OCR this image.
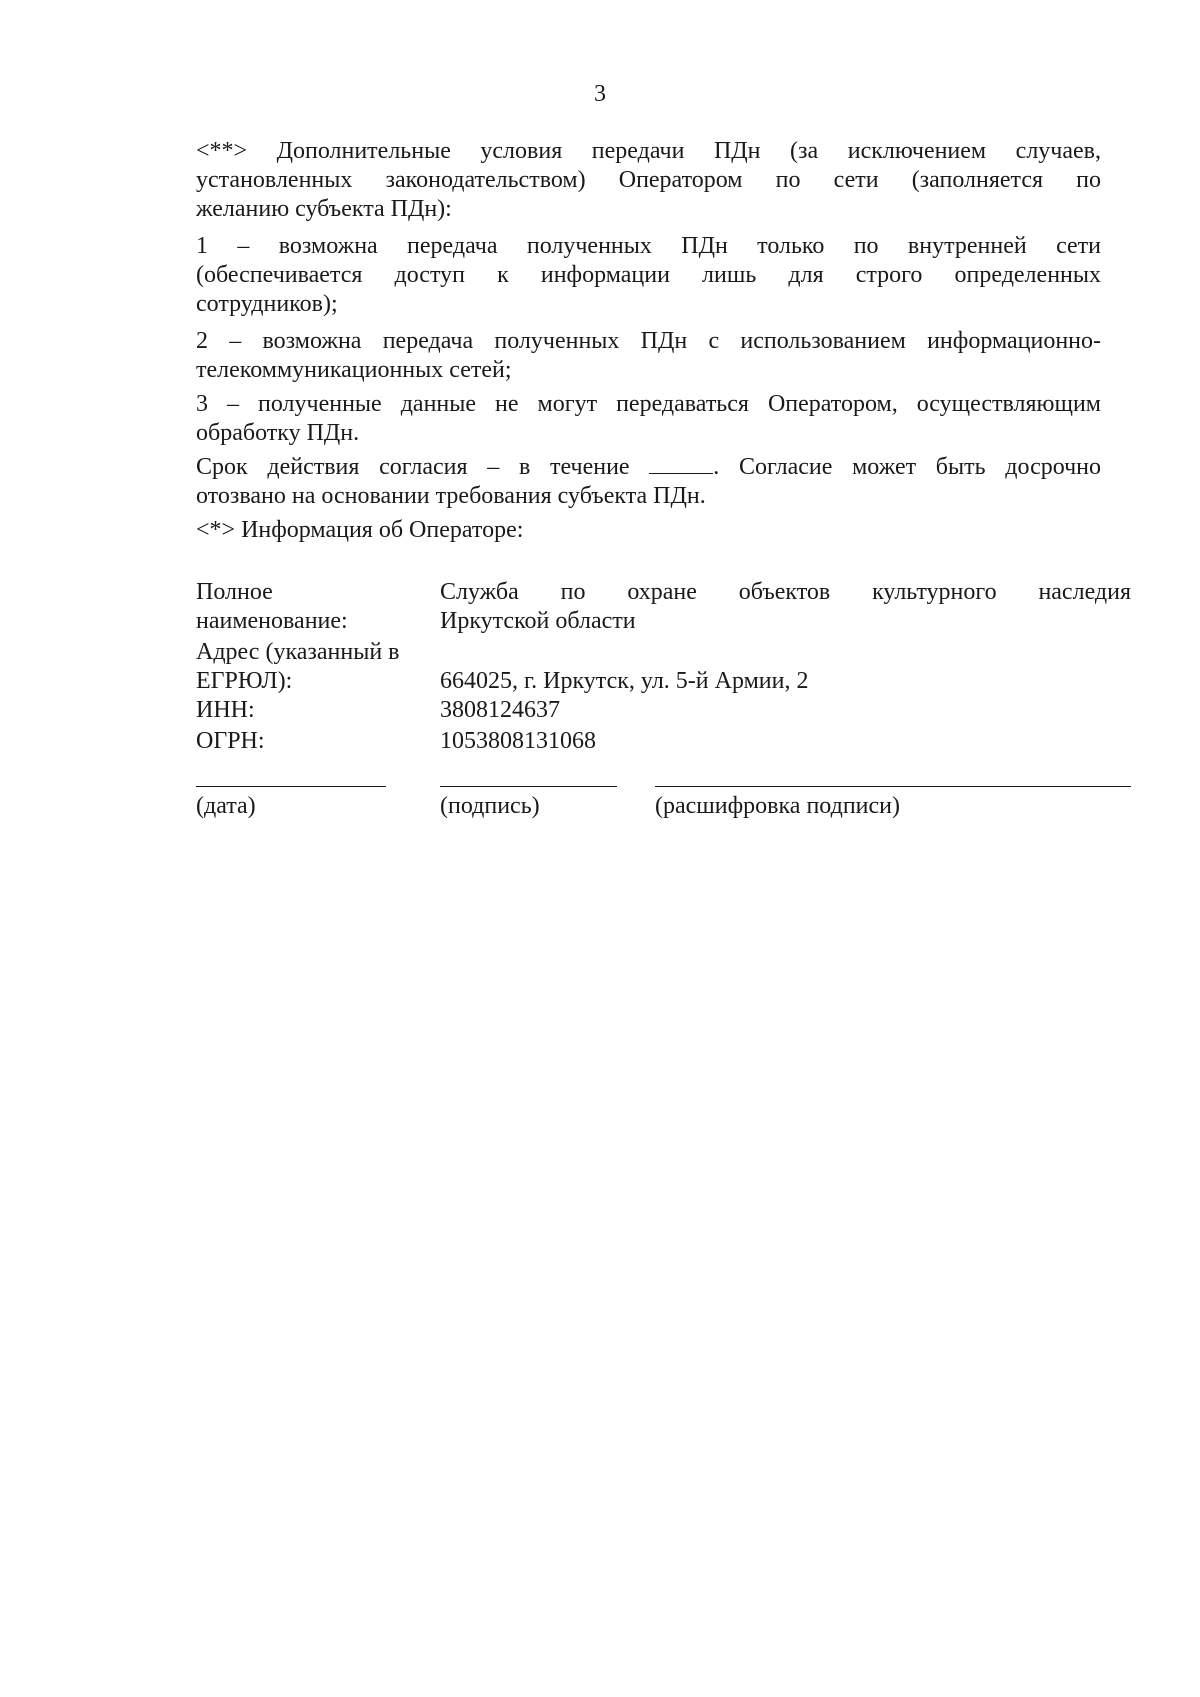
3
<**> Дополнительные условия передачи ПДн (за исключением случаев,
установленных законодательством) Оператором по сети (заполняется по
желанию субъекта ПДн):
1 – возможна передача полученных ПДн только по внутренней сети
(обеспечивается доступ к информации лишь для строго определенных
сотрудников);
2 – возможна передача полученных ПДн с использованием информационно-
телекоммуникационных сетей;
3 – полученные данные не могут передаваться Оператором, осуществляющим
обработку ПДн.
Срок действия согласия – в течение	. Согласие может быть досрочно
отозвано на основании требования субъекта ПДн.
<*> Информация об Операторе:
Полное
наименование:
Служба по охране объектов культурного наследия
Иркутской области
Адрес (указанный в
ЕГРЮЛ):	664025, г. Иркутск, ул. 5-й Армии, 2
ИНН:	3808124637
ОГРН:	1053808131068
(дата)	(подпись)	(расшифровка подписи)
